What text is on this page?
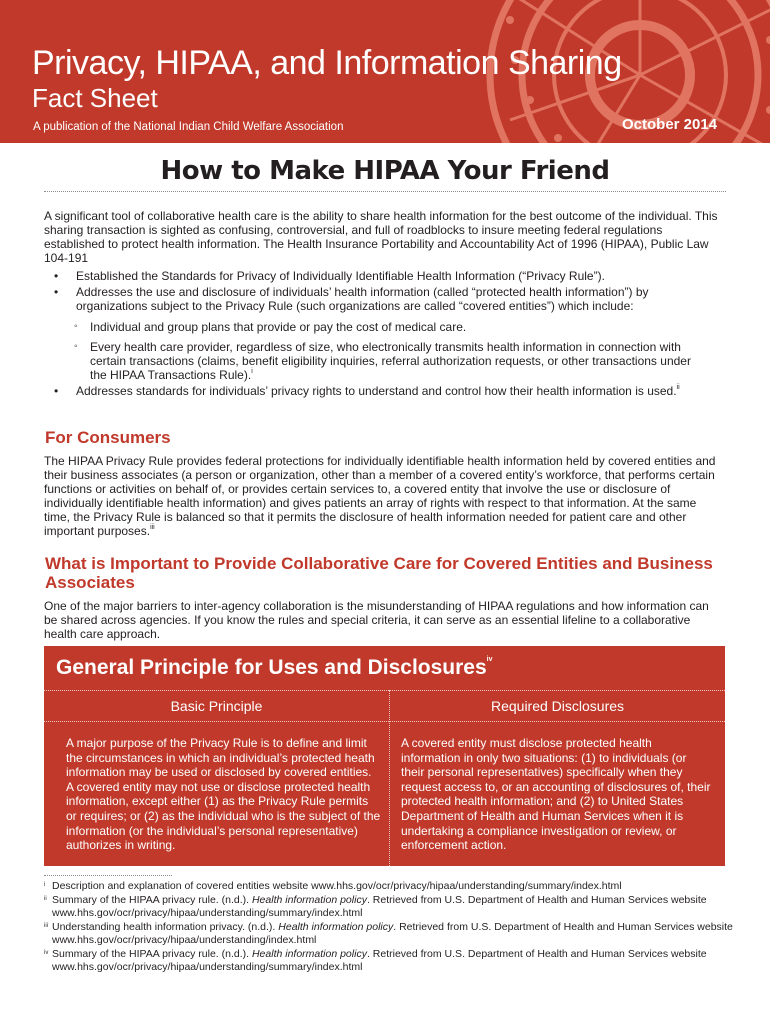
Privacy, HIPAA, and Information Sharing
Fact Sheet
A publication of the National Indian Child Welfare Association	October 2014
How to Make HIPAA Your Friend

A significant tool of collaborative health care is the ability to share health information for the best outcome of the individual. This sharing transaction is sighted as confusing, controversial, and full of roadblocks to insure meeting federal regulations established to protect health information. The Health Insurance Portability and Accountability Act of 1996 (HIPAA), Public Law 104-191

• Established the Standards for Privacy of Individually Identifiable Health Information (“Privacy Rule”).
• Addresses the use and disclosure of individuals’ health information (called “protected health information”) by organizations subject to the Privacy Rule (such organizations are called “covered entities”) which include:
◦ Individual and group plans that provide or pay the cost of medical care.
◦ Every health care provider, regardless of size, who electronically transmits health information in connection with certain transactions (claims, benefit eligibility inquiries, referral authorization requests, or other transactions under the HIPAA Transactions Rule).$^i$
• Addresses standards for individuals’ privacy rights to understand and control how their health information is used.$^{ii}$
For Consumers

The HIPAA Privacy Rule provides federal protections for individually identifiable health information held by covered entities and their business associates (a person or organization, other than a member of a covered entity’s workforce, that performs certain functions or activities on behalf of, or provides certain services to, a covered entity that involve the use or disclosure of individually identifiable health information) and gives patients an array of rights with respect to that information. At the same time, the Privacy Rule is balanced so that it permits the disclosure of health information needed for patient care and other important purposes.$^{iii}$

What is Important to Provide Collaborative Care for Covered Entities and Business Associates

One of the major barriers to inter-agency collaboration is the misunderstanding of HIPAA regulations and how information can be shared across agencies. If you know the rules and special criteria, it can serve as an essential lifeline to a collaborative health care approach.

General Principle for Uses and Disclosures$^{iv}$
Basic Principle	Required Disclosures
A major purpose of the Privacy Rule is to define and limit the circumstances in which an individual’s protected heath information may be used or disclosed by covered entities. A covered entity may not use or disclose protected health information, except either (1) as the Privacy Rule permits or requires; or (2) as the individual who is the subject of the information (or the individual’s personal representative) authorizes in writing.
A covered entity must disclose protected health information in only two situations: (1) to individuals (or their personal representatives) specifically when they request access to, or an accounting of disclosures of, their protected health information; and (2) to United States Department of Health and Human Services when it is undertaking a compliance investigation or review, or enforcement action.
i Description and explanation of covered entities website www.hhs.gov/ocr/privacy/hipaa/understanding/summary/index.html
ii Summary of the HIPAA privacy rule. (n.d.). Health information policy. Retrieved from U.S. Department of Health and Human Services website www.hhs.gov/ocr/privacy/hipaa/understanding/summary/index.html
iii Understanding health information privacy. (n.d.). Health information policy. Retrieved from U.S. Department of Health and Human Services website www.hhs.gov/ocr/privacy/hipaa/understanding/index.html
iv Summary of the HIPAA privacy rule. (n.d.). Health information policy. Retrieved from U.S. Department of Health and Human Services website www.hhs.gov/ocr/privacy/hipaa/understanding/summary/index.html
